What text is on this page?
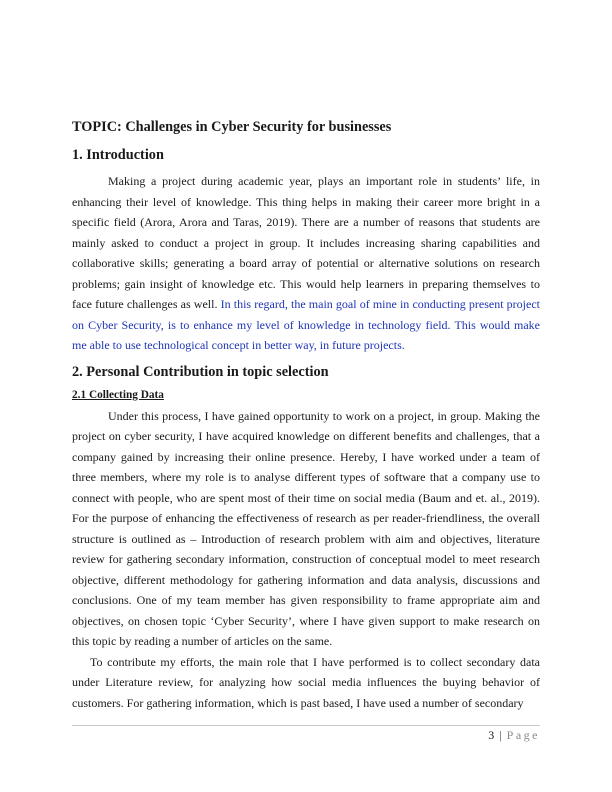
TOPIC: Challenges in Cyber Security for businesses
1. Introduction

Making a project during academic year, plays an important role in students’ life, in enhancing their level of knowledge. This thing helps in making their career more bright in a specific field (Arora, Arora and Taras, 2019). There are a number of reasons that students are mainly asked to conduct a project in group. It includes increasing sharing capabilities and collaborative skills; generating a board array of potential or alternative solutions on research problems; gain insight of knowledge etc. This would help learners in preparing themselves to face future challenges as well. In this regard, the main goal of mine in conducting present project on Cyber Security, is to enhance my level of knowledge in technology field. This would make me able to use technological concept in better way, in future projects.

2. Personal Contribution in topic selection
2.1 Collecting Data

Under this process, I have gained opportunity to work on a project, in group. Making the project on cyber security, I have acquired knowledge on different benefits and challenges, that a company gained by increasing their online presence. Hereby, I have worked under a team of three members, where my role is to analyse different types of software that a company use to connect with people, who are spent most of their time on social media (Baum and et. al., 2019). For the purpose of enhancing the effectiveness of research as per reader-friendliness, the overall structure is outlined as – Introduction of research problem with aim and objectives, literature review for gathering secondary information, construction of conceptual model to meet research objective, different methodology for gathering information and data analysis, discussions and conclusions. One of my team member has given responsibility to frame appropriate aim and objectives, on chosen topic ‘Cyber Security’, where I have given support to make research on this topic by reading a number of articles on the same.

To contribute my efforts, the main role that I have performed is to collect secondary data under Literature review, for analyzing how social media influences the buying behavior of customers. For gathering information, which is past based, I have used a number of secondary

3 | Page
